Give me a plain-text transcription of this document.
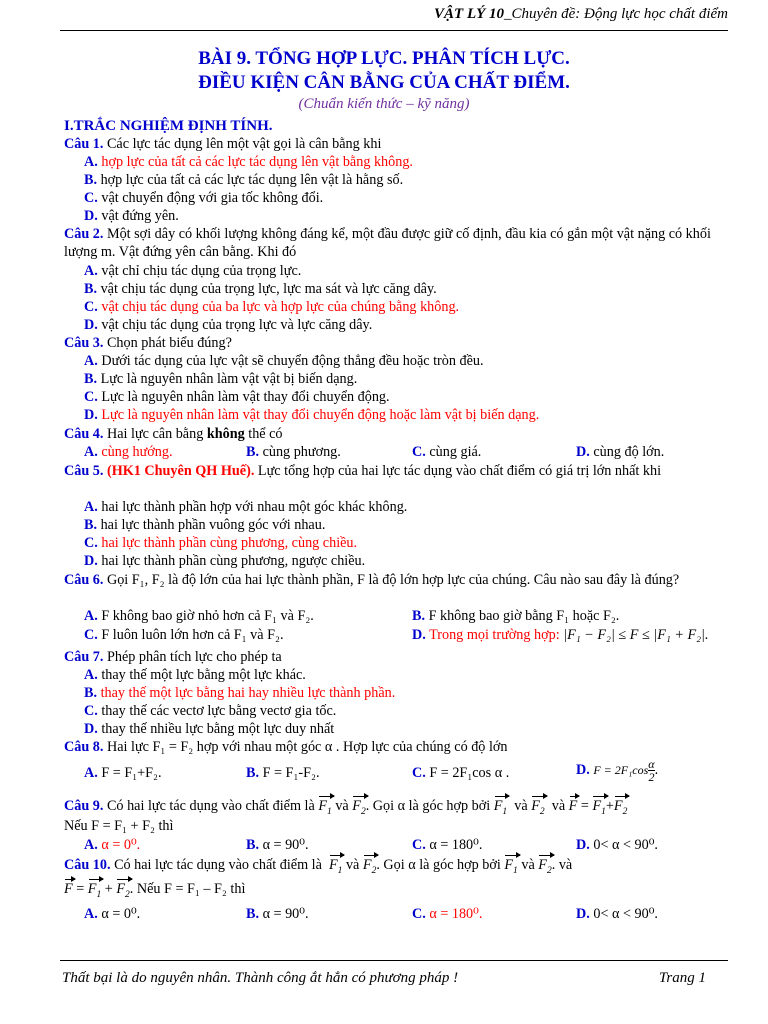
VẬT LÝ 10_Chuyên đề: Động lực học chất điểm
BÀI 9. TỔNG HỢP LỰC. PHÂN TÍCH LỰC.
ĐIỀU KIỆN CÂN BẰNG CỦA CHẤT ĐIỂM.
(Chuẩn kiến thức – kỹ năng)
I.TRẮC NGHIỆM ĐỊNH TÍNH.
Câu 1. Các lực tác dụng lên một vật gọi là cân bằng khi
A. hợp lực của tất cả các lực tác dụng lên vật bằng không.
B. hợp lực của tất cả các lực tác dụng lên vật là hằng số.
C. vật chuyển động với gia tốc không đổi.
D. vật đứng yên.
Câu 2. Một sợi dây có khối lượng không đáng kể, một đầu được giữ cố định, đầu kia có gắn một vật nặng có khối lượng m. Vật đứng yên cân bằng. Khi đó
A. vật chỉ chịu tác dụng của trọng lực.
B. vật chịu tác dụng của trọng lực, lực ma sát và lực căng dây.
C. vật chịu tác dụng của ba lực và hợp lực của chúng bằng không.
D. vật chịu tác dụng của trọng lực và lực căng dây.
Câu 3. Chọn phát biểu đúng?
A. Dưới tác dụng của lực vật sẽ chuyển động thẳng đều hoặc tròn đều.
B. Lực là nguyên nhân làm vật vật bị biến dạng.
C. Lực là nguyên nhân làm vật thay đổi chuyển động.
D. Lực là nguyên nhân làm vật thay đổi chuyển động hoặc làm vật bị biến dạng.
Câu 4. Hai lực cân bằng không thể có
A. cùng hướng.	B. cùng phương.	C. cùng giá.	D. cùng độ lớn.
Câu 5. (HK1 Chuyên QH Huế). Lực tổng hợp của hai lực tác dụng vào chất điểm có giá trị lớn nhất khi
A. hai lực thành phần hợp với nhau một góc khác không.
B. hai lực thành phần vuông góc với nhau.
C. hai lực thành phần cùng phương, cùng chiều.
D. hai lực thành phần cùng phương, ngược chiều.
Câu 6. Gọi F₁, F₂ là độ lớn của hai lực thành phần, F là độ lớn hợp lực của chúng. Câu nào sau đây là đúng?
A. F không bao giờ nhỏ hơn cả F₁ và F₂.	B. F không bao giờ bằng F₁ hoặc F₂.
C. F luôn luôn lớn hơn cả F₁ và F₂.	D. Trong mọi trường hợp: |F₁ − F₂| ≤ F ≤ |F₁ + F₂|.
Câu 7. Phép phân tích lực cho phép ta
A. thay thế một lực bằng một lực khác.
B. thay thế một lực bằng hai hay nhiều lực thành phần.
C. thay thế các vectơ lực bằng vectơ gia tốc.
D. thay thế nhiều lực bằng một lực duy nhất
Câu 8. Hai lực F₁ = F₂ hợp với nhau một góc α . Hợp lực của chúng có độ lớn
A. F = F₁+F₂.	B. F = F₁-F₂.	C. F = 2F₁cos α .	D. $F = 2F_1\cos \frac{\alpha}{2}$ .
Câu 9. Có hai lực tác dụng vào chất điểm là $F_1$ và $F_2$. Gọi α là góc hợp bởi $F_1$ và $F_2$ và $F = F_1+F_2$
Nếu F = F₁ + F₂ thì
A. α = 0⁰.	B. α = 90⁰.	C. α = 180⁰.	D. 0< α < 90⁰.
Câu 10. Có hai lực tác dụng vào chất điểm là $F_1$ và $F_2$. Gọi α là góc hợp bởi $F_1$ và $F_2$. và
$F = F_1 + F_2$. Nếu F = F₁ – F₂ thì
A. α = 0⁰.	B. α = 90⁰.	C. α = 180⁰.	D. 0< α < 90⁰.
Thất bại là do nguyên nhân. Thành công ắt hẳn có phương pháp !	Trang 1
